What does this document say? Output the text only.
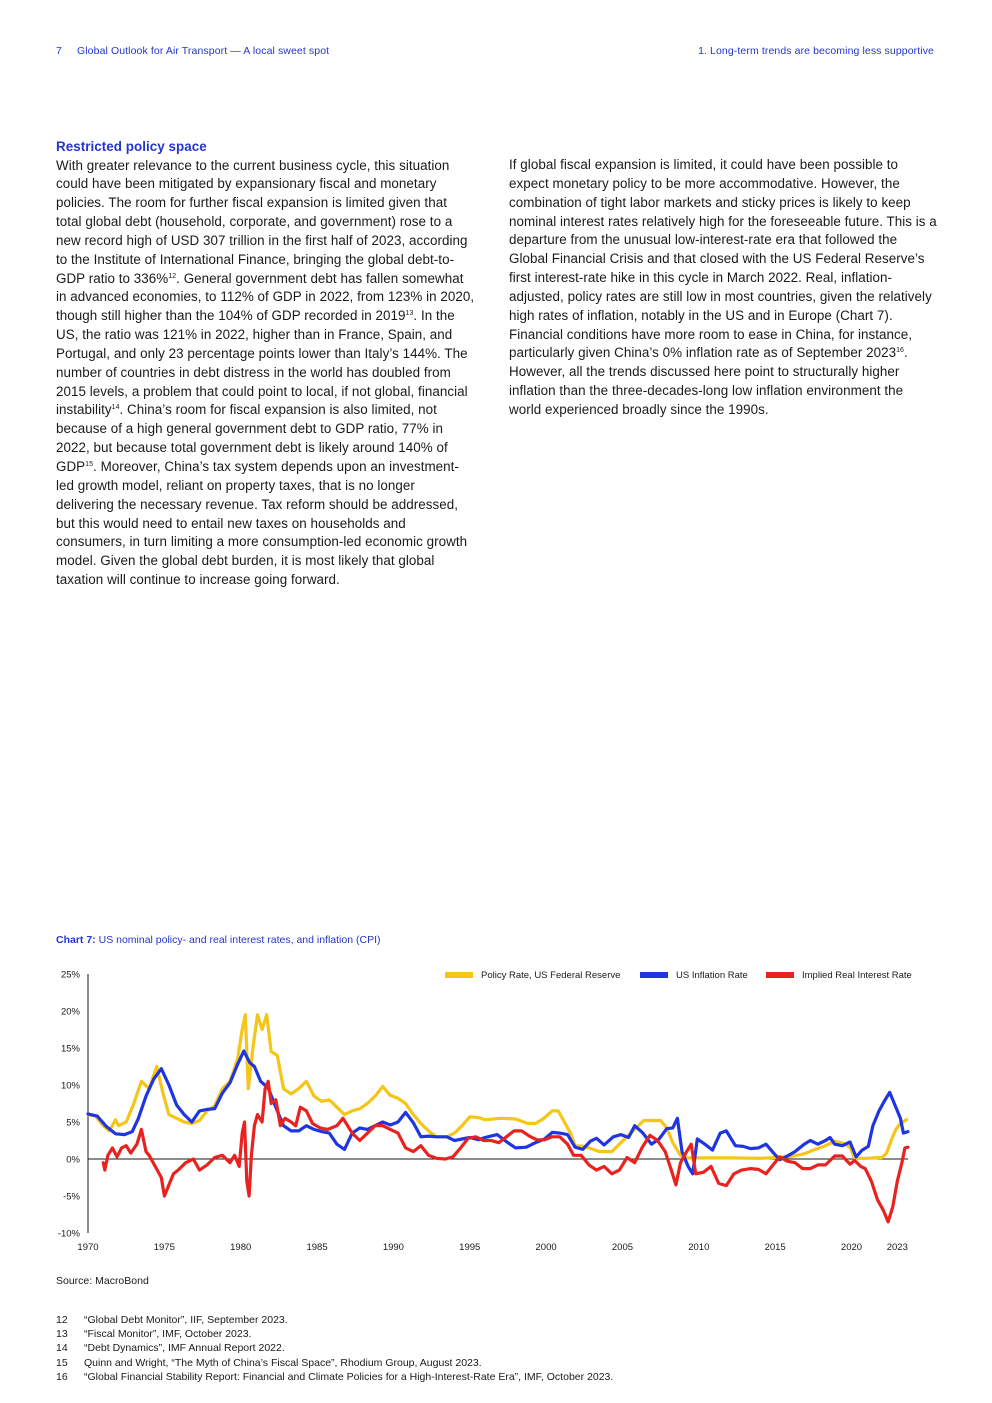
7 Global Outlook for Air Transport — A local sweet spot	1. Long-term trends are becoming less supportive
Restricted policy space

With greater relevance to the current business cycle, this situation could have been mitigated by expansionary fiscal and monetary policies. The room for further fiscal expansion is limited given that total global debt (household, corporate, and government) rose to a new record high of USD 307 trillion in the first half of 2023, according to the Institute of International Finance, bringing the global debt-to-GDP ratio to 336%$^{12}$. General government debt has fallen somewhat in advanced economies, to 112% of GDP in 2022, from 123% in 2020, though still higher than the 104% of GDP recorded in 2019$^{13}$. In the US, the ratio was 121% in 2022, higher than in France, Spain, and Portugal, and only 23 percentage points lower than Italy’s 144%. The number of countries in debt distress in the world has doubled from 2015 levels, a problem that could point to local, if not global, financial instability$^{14}$. China’s room for fiscal expansion is also limited, not because of a high general government debt to GDP ratio, 77% in 2022, but because total government debt is likely around 140% of GDP$^{15}$. Moreover, China’s tax system depends upon an investment-led growth model, reliant on property taxes, that is no longer delivering the necessary revenue. Tax reform should be addressed, but this would need to entail new taxes on households and consumers, in turn limiting a more consumption-led economic growth model. Given the global debt burden, it is most likely that global taxation will continue to increase going forward.

If global fiscal expansion is limited, it could have been possible to expect monetary policy to be more accommodative. However, the combination of tight labor markets and sticky prices is likely to keep nominal interest rates relatively high for the foreseeable future. This is a departure from the unusual low-interest-rate era that followed the Global Financial Crisis and that closed with the US Federal Reserve’s first interest-rate hike in this cycle in March 2022. Real, inflation-adjusted, policy rates are still low in most countries, given the relatively high rates of inflation, notably in the US and in Europe (Chart 7). Financial conditions have more room to ease in China, for instance, particularly given China’s 0% inflation rate as of September 2023$^{16}$. However, all the trends discussed here point to structurally higher inflation than the three-decades-long low inflation environment the world experienced broadly since the 1990s.

Chart 7: US nominal policy- and real interest rates, and inflation (CPI)
25%
20%
15%
10%
5%
0%
-5%
-10%
1970	1975	1980	1985	1990	1995	2000	2005	2010	2015	2020	2023
Policy Rate, US Federal Reserve	US Inflation Rate	Implied Real Interest Rate
Source: MacroBond
12	“Global Debt Monitor”, IIF, September 2023.
13	“Fiscal Monitor”, IMF, October 2023.
14	“Debt Dynamics”, IMF Annual Report 2022.
15	Quinn and Wright, “The Myth of China’s Fiscal Space”, Rhodium Group, August 2023.
16	“Global Financial Stability Report: Financial and Climate Policies for a High-Interest-Rate Era”, IMF, October 2023.
